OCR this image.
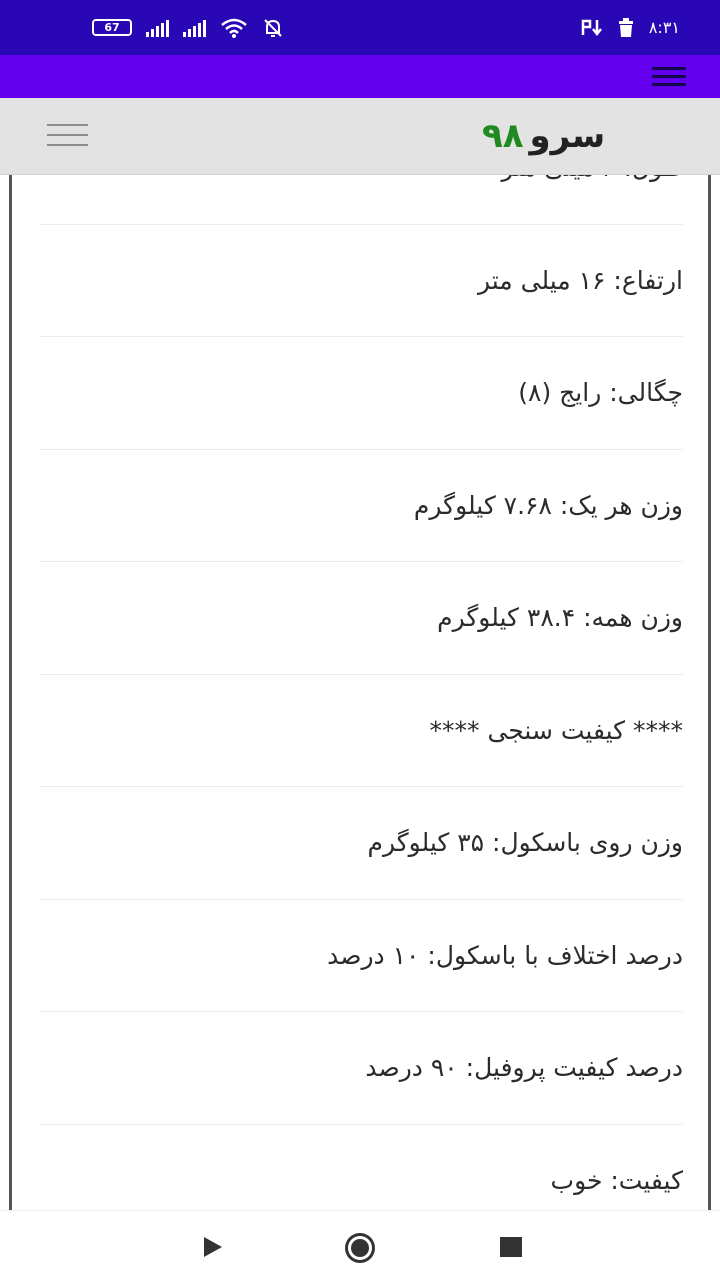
67	۸:۳۱
سرو
۹۸
ارتفاع: ۱۶ میلی متر
چگالی: رایج (۸)
وزن هر یک: ۷.۶۸ کیلوگرم
وزن همه: ۳۸.۴ کیلوگرم
**** کیفیت سنجی ****
وزن روی باسکول: ۳۵ کیلوگرم
درصد اختلاف با باسکول: ۱۰ درصد
درصد کیفیت پروفیل: ۹۰ درصد
کیفیت: خوب
